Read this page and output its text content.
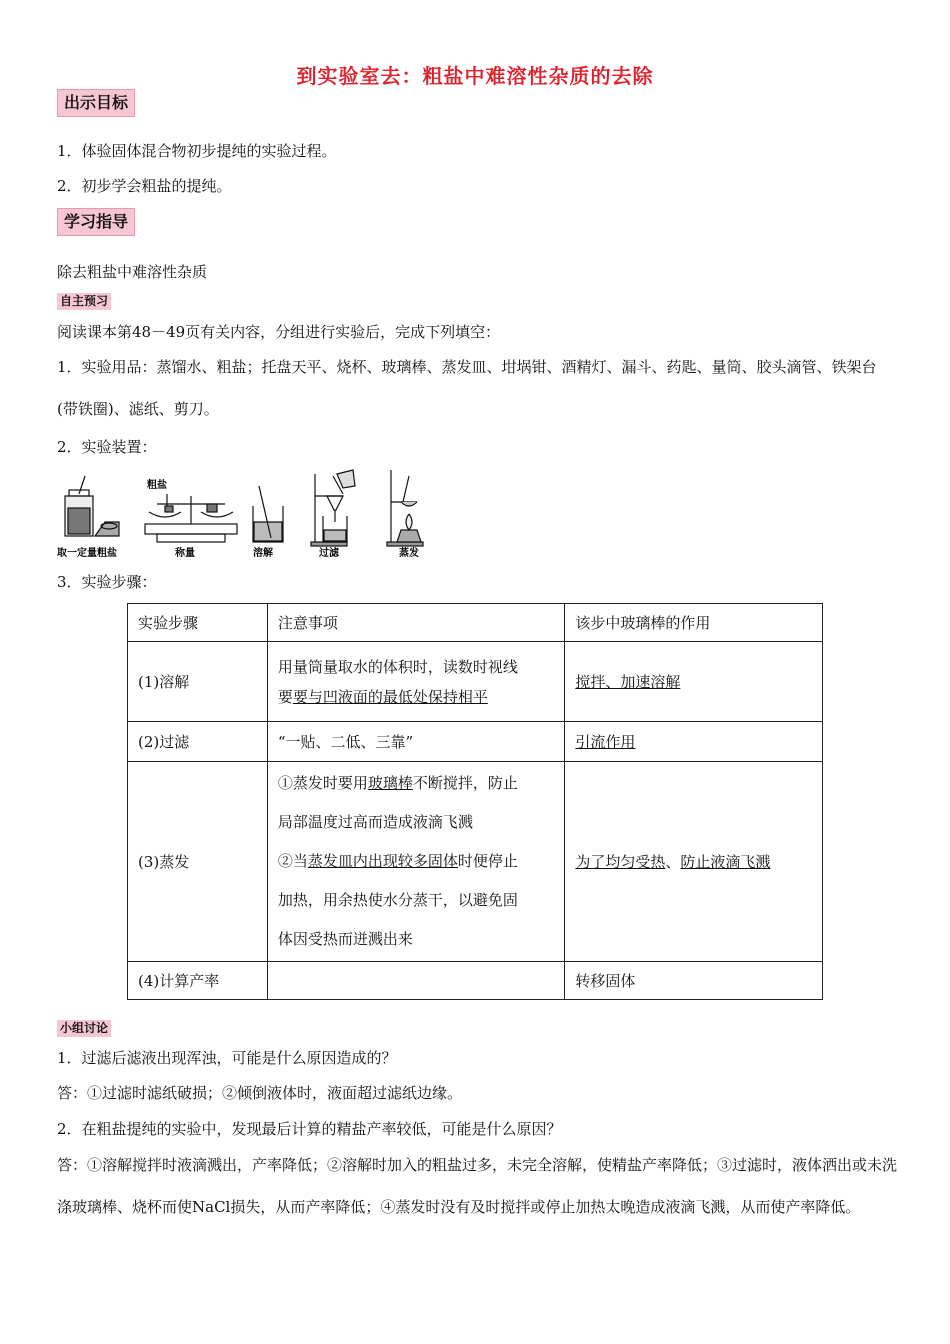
到实验室去：粗盐中难溶性杂质的去除
出示目标
1．体验固体混合物初步提纯的实验过程。
2．初步学会粗盐的提纯。
学习指导
除去粗盐中难溶性杂质
自主预习
阅读课本第48－49页有关内容，分组进行实验后，完成下列填空：
1．实验用品：蒸馏水、粗盐；托盘天平、烧杯、玻璃棒、蒸发皿、坩埚钳、酒精灯、漏斗、药匙、量筒、胶头滴管、铁架台(带铁圈)、滤纸、剪刀。
2．实验装置：
粗盐
取一定量粗盐	称量	溶解	过滤	蒸发
3．实验步骤：
实验步骤	注意事项	该步中玻璃棒的作用
(1)溶解	用量筒量取水的体积时，读数时视线
要要与凹液面的最低处保持相平	搅拌、加速溶解
(2)过滤	“一贴、二低、三靠”	引流作用
(3)蒸发	①蒸发时要用玻璃棒不断搅拌，防止
局部温度过高而造成液滴飞溅
②当蒸发皿内出现较多固体时便停止
加热，用余热使水分蒸干，以避免固
体因受热而迸溅出来	为了均匀受热、防止液滴飞溅
(4)计算产率		转移固体
小组讨论
1．过滤后滤液出现浑浊，可能是什么原因造成的？
答：①过滤时滤纸破损；②倾倒液体时，液面超过滤纸边缘。
2．在粗盐提纯的实验中，发现最后计算的精盐产率较低，可能是什么原因？
答：①溶解搅拌时液滴溅出，产率降低；②溶解时加入的粗盐过多，未完全溶解，使精盐产率降低；③过滤时，液体洒出或未洗涤玻璃棒、烧杯而使NaCl损失，从而产率降低；④蒸发时没有及时搅拌或停止加热太晚造成液滴飞溅，从而使产率降低。
